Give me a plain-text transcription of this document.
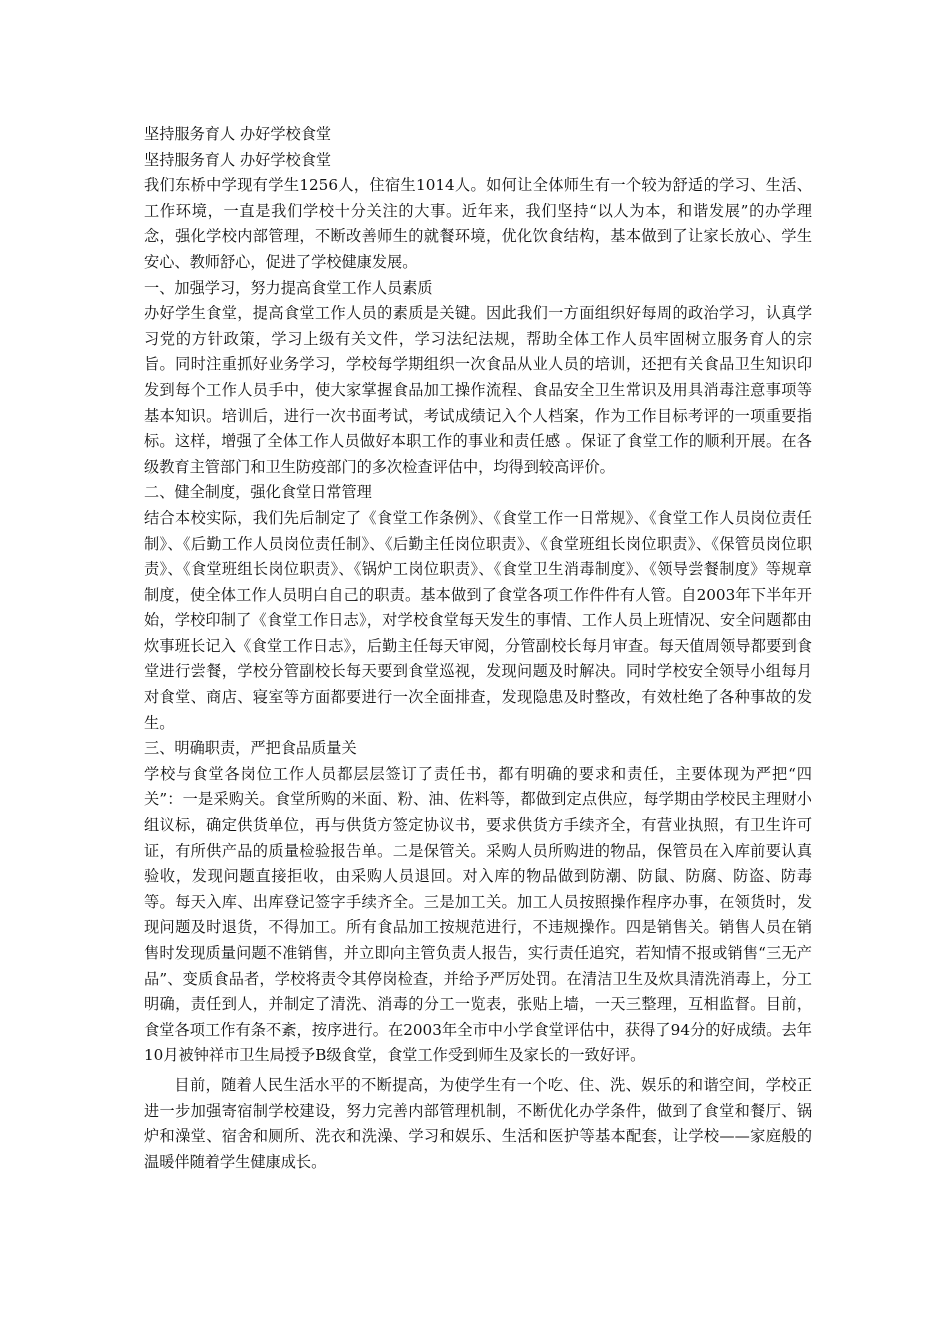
坚持服务育人 办好学校食堂

坚持服务育人 办好学校食堂

我们东桥中学现有学生1256人，住宿生1014人。如何让全体师生有一个较为舒适的学习、生活、工作环境，一直是我们学校十分关注的大事。近年来，我们坚持“以人为本，和谐发展”的办学理念，强化学校内部管理，不断改善师生的就餐环境，优化饮食结构，基本做到了让家长放心、学生安心、教师舒心，促进了学校健康发展。

一、加强学习，努力提高食堂工作人员素质

办好学生食堂，提高食堂工作人员的素质是关键。因此我们一方面组织好每周的政治学习，认真学习党的方针政策，学习上级有关文件，学习法纪法规，帮助全体工作人员牢固树立服务育人的宗旨。同时注重抓好业务学习，学校每学期组织一次食品从业人员的培训，还把有关食品卫生知识印发到每个工作人员手中，使大家掌握食品加工操作流程、食品安全卫生常识及用具消毒注意事项等基本知识。培训后，进行一次书面考试，考试成绩记入个人档案，作为工作目标考评的一项重要指标。这样，增强了全体工作人员做好本职工作的事业和责任感 。保证了食堂工作的顺利开展。在各级教育主管部门和卫生防疫部门的多次检查评估中，均得到较高评价。

二、健全制度，强化食堂日常管理

结合本校实际，我们先后制定了《食堂工作条例》、《食堂工作一日常规》、《食堂工作人员岗位责任制》、《后勤工作人员岗位责任制》、《后勤主任岗位职责》、《食堂班组长岗位职责》、《保管员岗位职责》、《食堂班组长岗位职责》、《锅炉工岗位职责》、《食堂卫生消毒制度》、《领导尝餐制度》等规章制度，使全体工作人员明白自己的职责。基本做到了食堂各项工作件件有人管。自2003年下半年开始，学校印制了《食堂工作日志》，对学校食堂每天发生的事情、工作人员上班情况、安全问题都由炊事班长记入《食堂工作日志》，后勤主任每天审阅，分管副校长每月审查。每天值周领导都要到食堂进行尝餐，学校分管副校长每天要到食堂巡视，发现问题及时解决。同时学校安全领导小组每月对食堂、商店、寝室等方面都要进行一次全面排查，发现隐患及时整改，有效杜绝了各种事故的发生。

三、明确职责，严把食品质量关

学校与食堂各岗位工作人员都层层签订了责任书，都有明确的要求和责任，主要体现为严把“四关”：一是采购关。食堂所购的米面、粉、油、佐料等，都做到定点供应，每学期由学校民主理财小组议标，确定供货单位，再与供货方签定协议书，要求供货方手续齐全，有营业执照，有卫生许可证，有所供产品的质量检验报告单。二是保管关。采购人员所购进的物品，保管员在入库前要认真验收，发现问题直接拒收，由采购人员退回。对入库的物品做到防潮、防鼠、防腐、防盗、防毒等。每天入库、出库登记签字手续齐全。三是加工关。加工人员按照操作程序办事，在领货时，发现问题及时退货，不得加工。所有食品加工按规范进行，不违规操作。四是销售关。销售人员在销售时发现质量问题不准销售，并立即向主管负责人报告，实行责任追究，若知情不报或销售“三无产品”、变质食品者，学校将责令其停岗检查，并给予严厉处罚。在清洁卫生及炊具清洗消毒上，分工明确，责任到人，并制定了清洗、消毒的分工一览表，张贴上墙，一天三整理，互相监督。目前，食堂各项工作有条不紊，按序进行。在2003年全市中小学食堂评估中，获得了94分的好成绩。去年10月被钟祥市卫生局授予B级食堂，食堂工作受到师生及家长的一致好评。

目前，随着人民生活水平的不断提高，为使学生有一个吃、住、洗、娱乐的和谐空间，学校正进一步加强寄宿制学校建设，努力完善内部管理机制，不断优化办学条件，做到了食堂和餐厅、锅炉和澡堂、宿舍和厕所、洗衣和洗澡、学习和娱乐、生活和医护等基本配套，让学校——家庭般的温暖伴随着学生健康成长。
